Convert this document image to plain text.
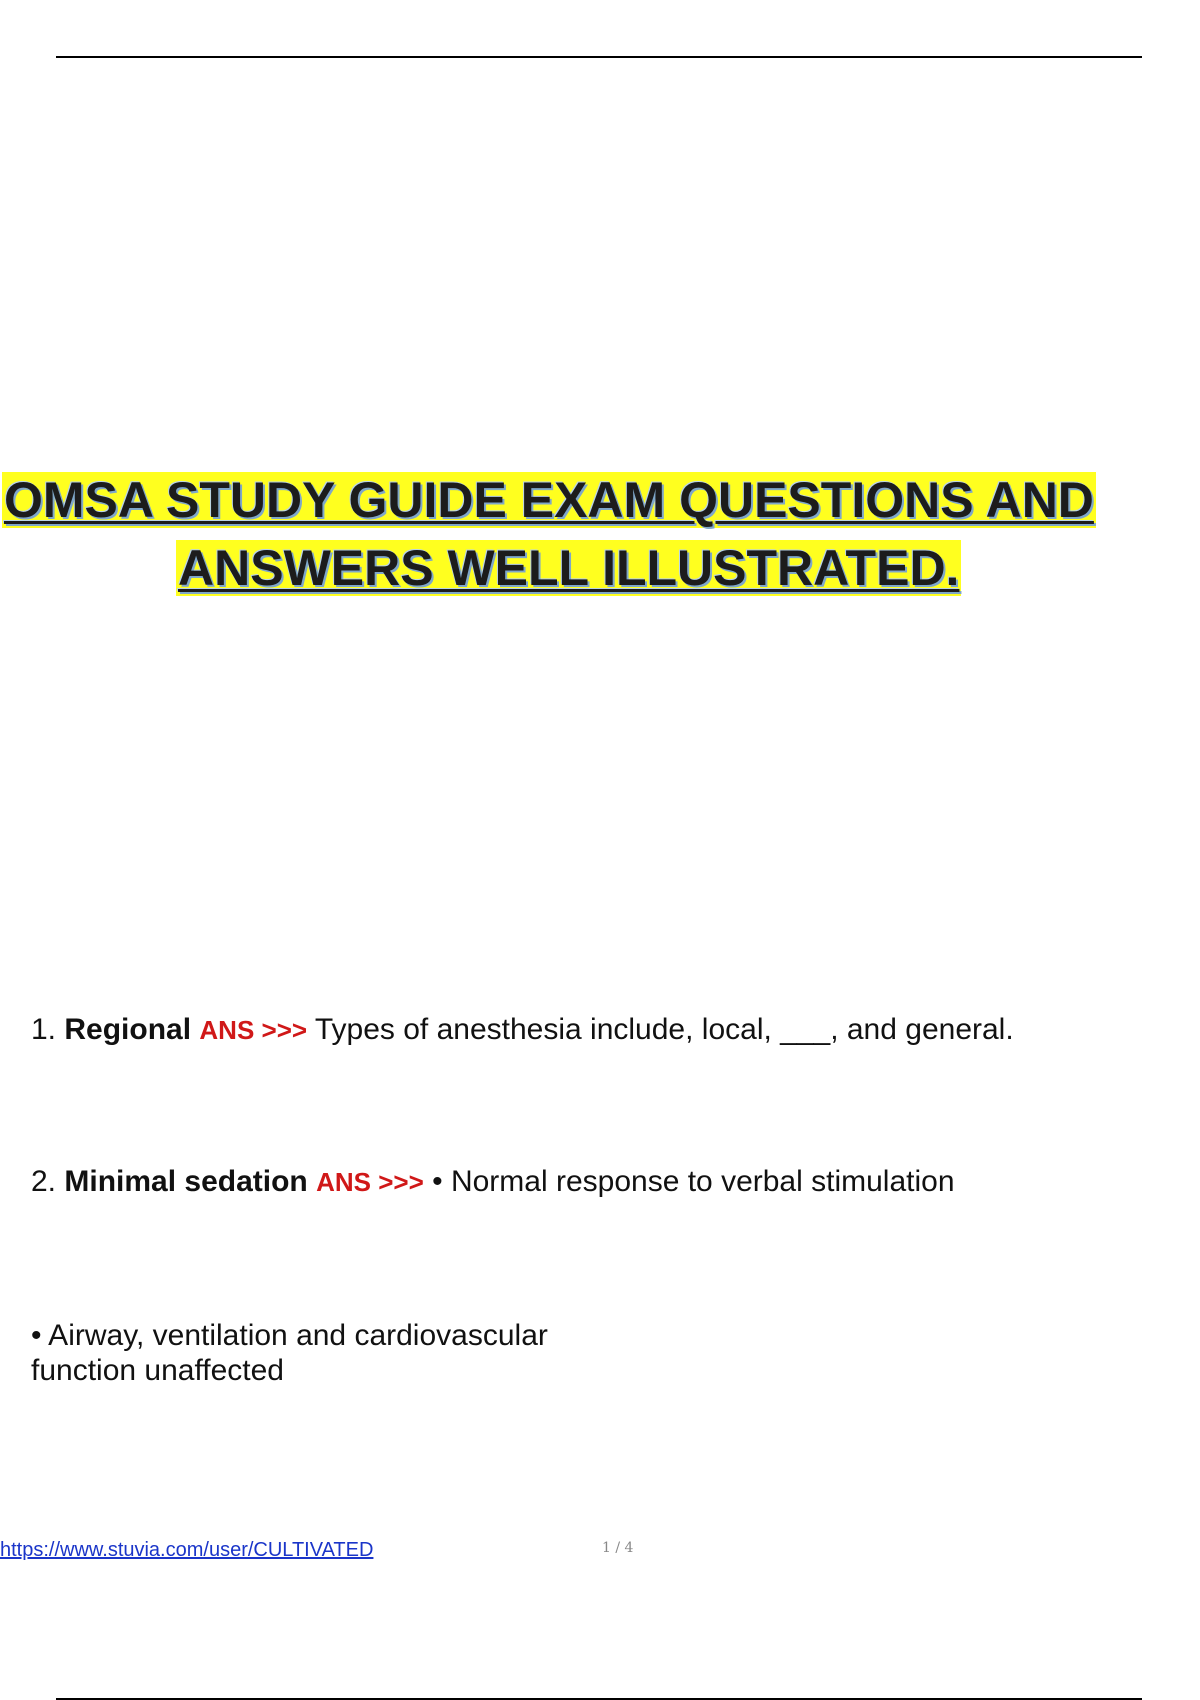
OMSA STUDY GUIDE EXAM QUESTIONS AND
ANSWERS WELL ILLUSTRATED.
1. Regional ANS >>> Types of anesthesia include, local, ___, and general.
2. Minimal sedation ANS >>> • Normal response to verbal stimulation
• Airway, ventilation and cardiovascular
function unaffected
https://www.stuvia.com/user/CULTIVATED	1 / 4
